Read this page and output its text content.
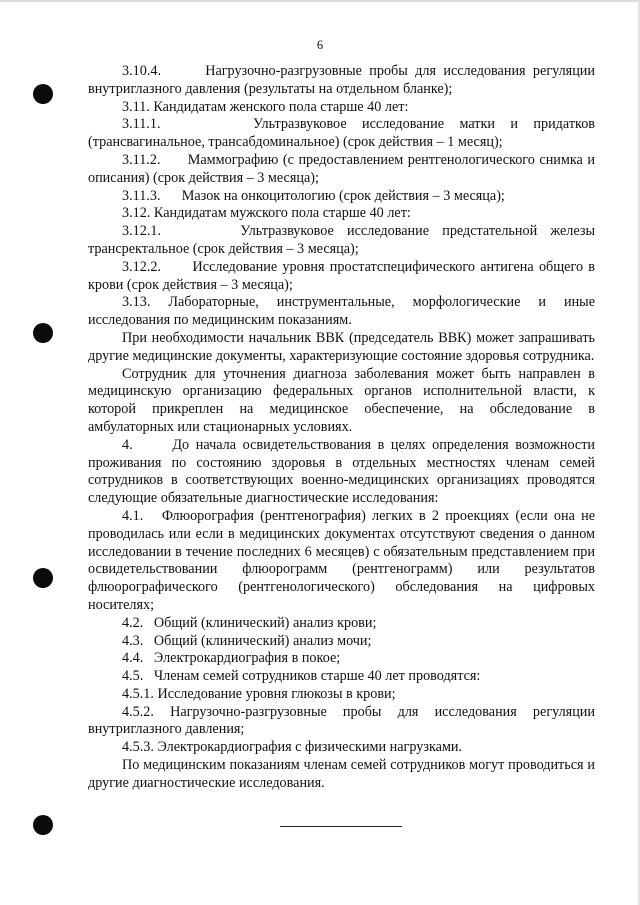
6

3.10.4.      Нагрузочно-разгрузовные пробы для исследования регуляции внутриглазного давления (результаты на отдельном бланке);

3.11. Кандидатам женского пола старше 40 лет:

3.11.1.      Ультразвуковое исследование матки и придатков (трансвагинальное, трансабдоминальное) (срок действия – 1 месяц);

3.11.2.      Маммографию (с предоставлением рентгенологического снимка и описания) (срок действия – 3 месяца);

3.11.3.      Мазок на онкоцитологию (срок действия – 3 месяца);

3.12. Кандидатам мужского пола старше 40 лет:

3.12.1.      Ультразвуковое исследование предстательной железы трансректальное (срок действия – 3 месяца);

3.12.2.      Исследование уровня простатспецифического антигена общего в крови (срок действия – 3 месяца);

3.13. Лабораторные, инструментальные, морфологические и иные исследования по медицинским показаниям.

При необходимости начальник ВВК (председатель ВВК) может запрашивать другие медицинские документы, характеризующие состояние здоровья сотрудника.

Сотрудник для уточнения диагноза заболевания может быть направлен в медицинскую организацию федеральных органов исполнительной власти, к которой прикреплен на медицинское обеспечение, на обследование в амбулаторных или стационарных условиях.

4.      До начала освидетельствования в целях определения возможности проживания по состоянию здоровья в отдельных местностях членам семей сотрудников в соответствующих военно-медицинских организациях проводятся следующие обязательные диагностические исследования:

4.1.   Флюорография (рентгенография) легких в 2 проекциях (если она не проводилась или если в медицинских документах отсутствуют сведения о данном исследовании в течение последних 6 месяцев) с обязательным представлением при освидетельствовании флюорограмм (рентгенограмм) или результатов флюорографического (рентгенологического) обследования на цифровых носителях;

4.2.   Общий (клинический) анализ крови;

4.3.   Общий (клинический) анализ мочи;

4.4.   Электрокардиография в покое;

4.5.   Членам семей сотрудников старше 40 лет проводятся:

4.5.1. Исследование уровня глюкозы в крови;

4.5.2. Нагрузочно-разгрузовные пробы для исследования регуляции внутриглазного давления;

4.5.3. Электрокардиография с физическими нагрузками.

По медицинским показаниям членам семей сотрудников могут проводиться и другие диагностические исследования.
